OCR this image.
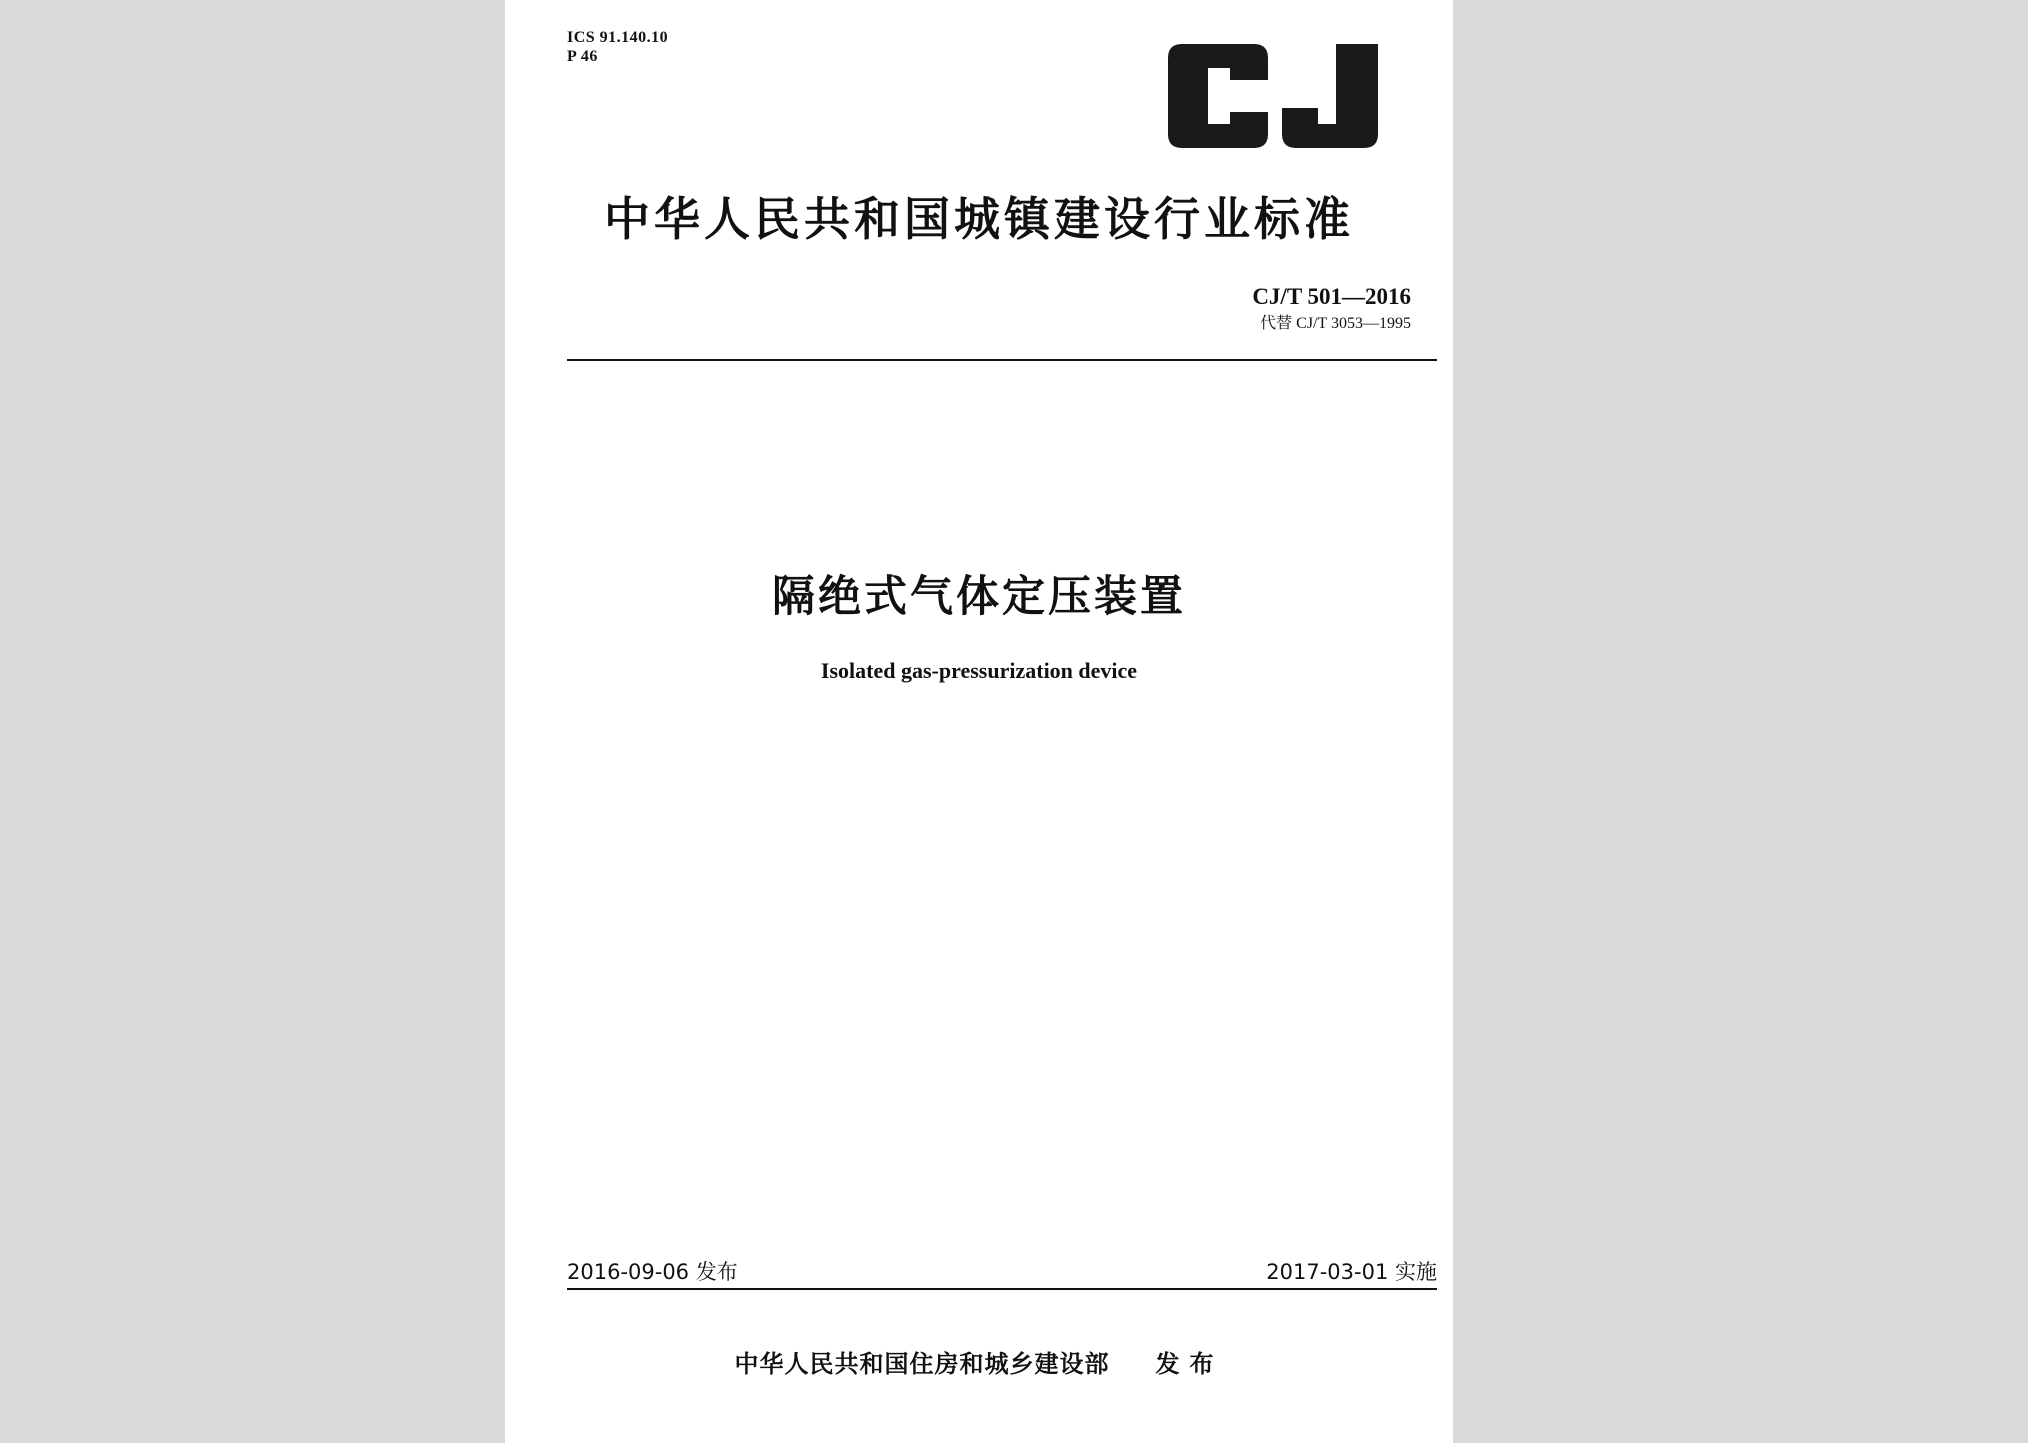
ICS 91.140.10
P 46
中华人民共和国城镇建设行业标准
CJ/T 501—2016
代替 CJ/T 3053—1995
隔绝式气体定压装置
Isolated gas-pressurization device
2016-09-06 发布	2017-03-01 实施
中华人民共和国住房和城乡建设部 发布
